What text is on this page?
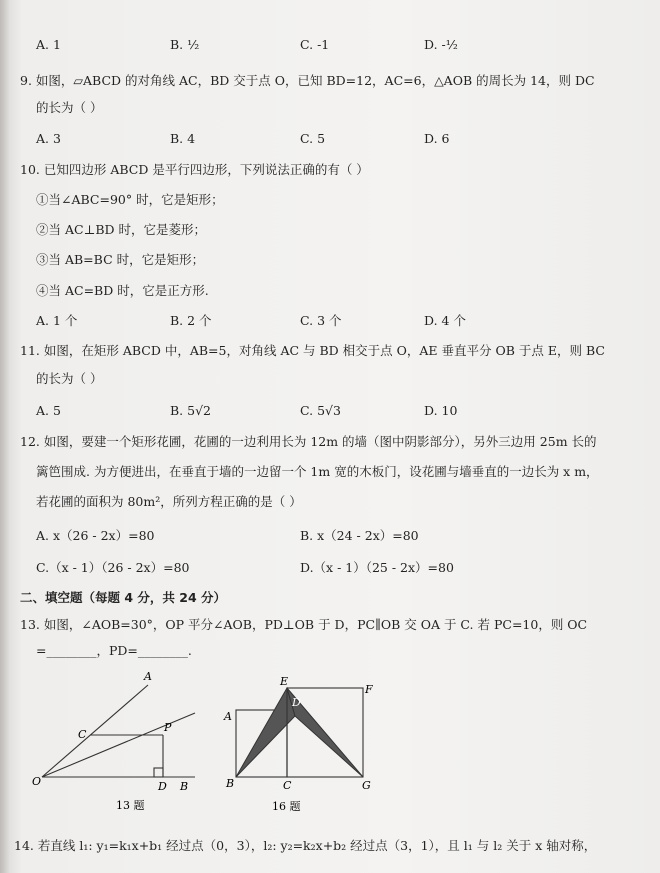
A. 1	B. ½	C. -1	D. -½
9. 如图，▱ABCD 的对角线 AC，BD 交于点 O，已知 BD=12，AC=6，△AOB 的周长为 14，则 DC
的长为（ ）
A. 3	B. 4	C. 5	D. 6
10. 已知四边形 ABCD 是平行四边形，下列说法正确的有（ ）
①当∠ABC=90° 时，它是矩形；
②当 AC⊥BD 时，它是菱形；
③当 AB=BC 时，它是矩形；
④当 AC=BD 时，它是正方形.
A. 1 个	B. 2 个	C. 3 个	D. 4 个
11. 如图，在矩形 ABCD 中，AB=5，对角线 AC 与 BD 相交于点 O，AE 垂直平分 OB 于点 E，则 BC
的长为（ ）
A. 5	B. 5√2	C. 5√3	D. 10
12. 如图，要建一个矩形花圃，花圃的一边利用长为 12m 的墙（图中阴影部分），另外三边用 25m 长的
篱笆围成. 为方便进出，在垂直于墙的一边留一个 1m 宽的木板门，设花圃与墙垂直的一边长为 x m，
若花圃的面积为 80m²，所列方程正确的是（ ）
A. x（26 - 2x）=80	B. x（24 - 2x）=80
C.（x - 1）（26 - 2x）=80	D.（x - 1）（25 - 2x）=80
二、填空题（每题 4 分，共 24 分）
13. 如图，∠AOB=30°，OP 平分∠AOB，PD⊥OB 于 D，PC∥OB 交 OA 于 C. 若 PC=10，则 OC
=________，PD=________.
A
C
P
O	D B
13 题
E
F
A
D
B	C	G
16 题
14. 若直线 l₁: y₁=k₁x+b₁ 经过点（0，3），l₂: y₂=k₂x+b₂ 经过点（3，1），且 l₁ 与 l₂ 关于 x 轴对称，
